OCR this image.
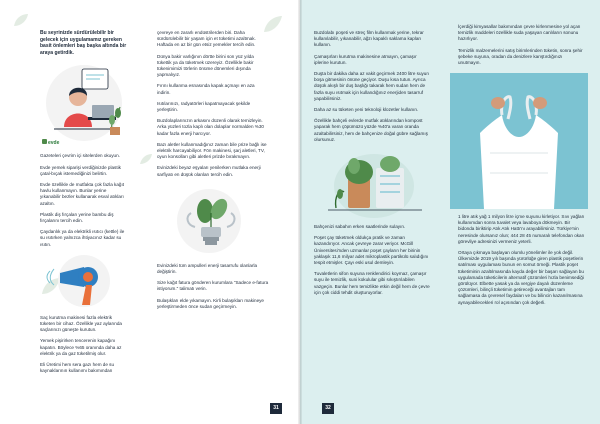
Bu seyrinizde sürdürülebilir bir gelecek için uygulamamız gereken basit önlemleri baş başka altında bir araya getirdik.

evde

Gazeteleri çevrim içi sitelerden okuyun.

Evde yemek siparişi verdiğinizde plastik çatal-bıçak istemediğinizi belirtin.

Evde özellikle de mutfakta çok fazla kağıt havlu kullanmayın. Bunlar yerine yıkanabilir bezler kullanarak esval atıkları azaltın.

Plastik diş fırçaları yerine bambu diş fırçalarını tercih edin.

Çaydanlık ya da elektrikli ısıtıcı (kettle) ile su ısıtırken yalnızca ihtiyacınız kadar su ısıtın.

Saç kurutma makinesi fazla elektrik tüketen bir cihaz. Özellikle yaz aylarında saçlarınızı güneşte kurutun.

Yemek pişirirken tencerenin kapağını kapatın. Böylece %65 oranında daha az elektrik ya da gaz tüketilmiş olur.

Eli Üretimi hem sera gazı hem de su kaynaklarının kullanımı bakımından

çevreye en zararlı endüstrilerden biri. Daha sürdürülebilir bir yaşam için et tüketimi azaltmak. Haftada en az bir gün etsiz yemekler tercih edin.

Dünya bakir varlığının dörtte birini son yüz yılda tükettik ya da tüketmek üzereyiz. Özellikle bakir tükenimimizi törlerin önüme dönemleri dışında yapmalıyız.

Fırını kullanma esnasında kapak açmayı en aza indirin.

Isıtılarınızı, radyatörleri kapatmayacak şekilde yerleştirin.

Buzdolaplarınızın arkasını düzenli olarak temizleyin. Arka yüzleri tozla kaplı olan dolaplar normalden %30 kadar fazla enerji harcıyor.

Bazı aletler kullanmadığınız zaman bile prize bağlı ise elektrik harcayabiliyor. Fön makinesi, şarj aletleri, TV, oyun konsolları gibi aletleri prizde bırakmayın.

Evinizdeki beyaz eşyaları yenilerken mutlaka enerji sarfiyatı en düşük olanları tercih edin.

Evinizdeki tüm ampulleri enerji tasarrufu olanlarla değiştirin.

Size kağıt fatura gönderen kurumlara "Sadece e-fatura istiyorum." talimatı verin.

Bulaşıkları elde yıkamayın. Kirli bulaşıkları makineye yerleştirmeden önce sudan geçirmeyin.

31

Buzdolabı poşeti ve streç film kullanmak yerine, tekrar kullanılabilir, yıkanabilir, ağzı kapaklı saklama kapları kullanın.

Çamaşırları kurutma makinesine atmayın, çamaşır iplerine kurutun.

Duşta bir dakika daha az vakit geçirmek 2400 litre suyun boşa gitmesinin önüne geçiyor. Duşu kısa tutun. Ayrıca düşük akışlı bir duş başlığı takarak hem sudan hem de fazla suyu ısıtmak için kullandığınız enerjiden tasarruf yapabilirsiniz.

Daha az su tüketen yeni teknoloji klozetler kullanın.

Özellikle bahçeli evlerde mutfak atıklarından kompost yaparak hem çöpümüzü yüzde %40'a varan oranda azaltabilirsiniz, hem de bahçenize doğal gübre sağlamış olursunuz.

Bahçenizi sabahın erken saatlerinde sulayın.

Poşet çay tüketmek oldukça pratik ve zaman kazandırıyor. Ancak çevreye zarar veriyor. McGill Üniversitesi'nden uzmanlar poşet çayların her birinin yaklaşık 11,6 milyar adet mikroplastik partikülü salıdığını tespit etmişler. Çayı eski usul demleyin.

Tuvaletlerin sifon suyuna renklendirici koymaz, çamaşır suyu ile temizlik, suni kokulular gibi sıkıştırılabilen vazgeçin. Bunlar hem temizlikte etkin değil hem de çevre için çok ciddi tehdit oluşturuyorlar.

İçerdiği kimyasallar bakımından çevre kirlenmesine yol açan temizlik maddeleri özellikle suda yaşayan canlıların sonunu hazırlıyor.

Temizlik malzemelerini satış birimlerinden tüketin, sonra şehir şebeke suyuna, oradan da denizlere karıştırdığınızı unutmayın.

1 litre atık yağ 1 milyon litre içme suyunu kirletiyor. Sıvı yağları kullanımdan sonra tuvalet veya lavaboya dökmeyin. Bir bidonda biriktirip Atık Atık Hattı'nı arayabilirsiniz. Türkiye'nin neresinde olursanız olun; 444 28 45 numaralı telefondan okan görevliye adresinizi vermeniz yeterli.

Ortaya çıkmaya başlayan olumlu yönelimler ile yok değil. Ülkemizde 2019 yılı başında yürürlüğe giren plastik poşetlerin satılması uygulaması bunun en somut örneği. Plastik poşet tüketiminin azaltılmasında kayda değer bir başarı sağlayan bu uygulamada tüketicilerin alternatif çözümleri hızla benimsediği görülüyor. Elbette yasak ya da vergiye dayalı düzenleme çözümleri, bilinçli tüketimin getireceği avantajları tam sağlamasa da çevresel faydaları ve bu bilincin kazanılmasına aynayabilecekleri rol açısından çok değerli.

32
